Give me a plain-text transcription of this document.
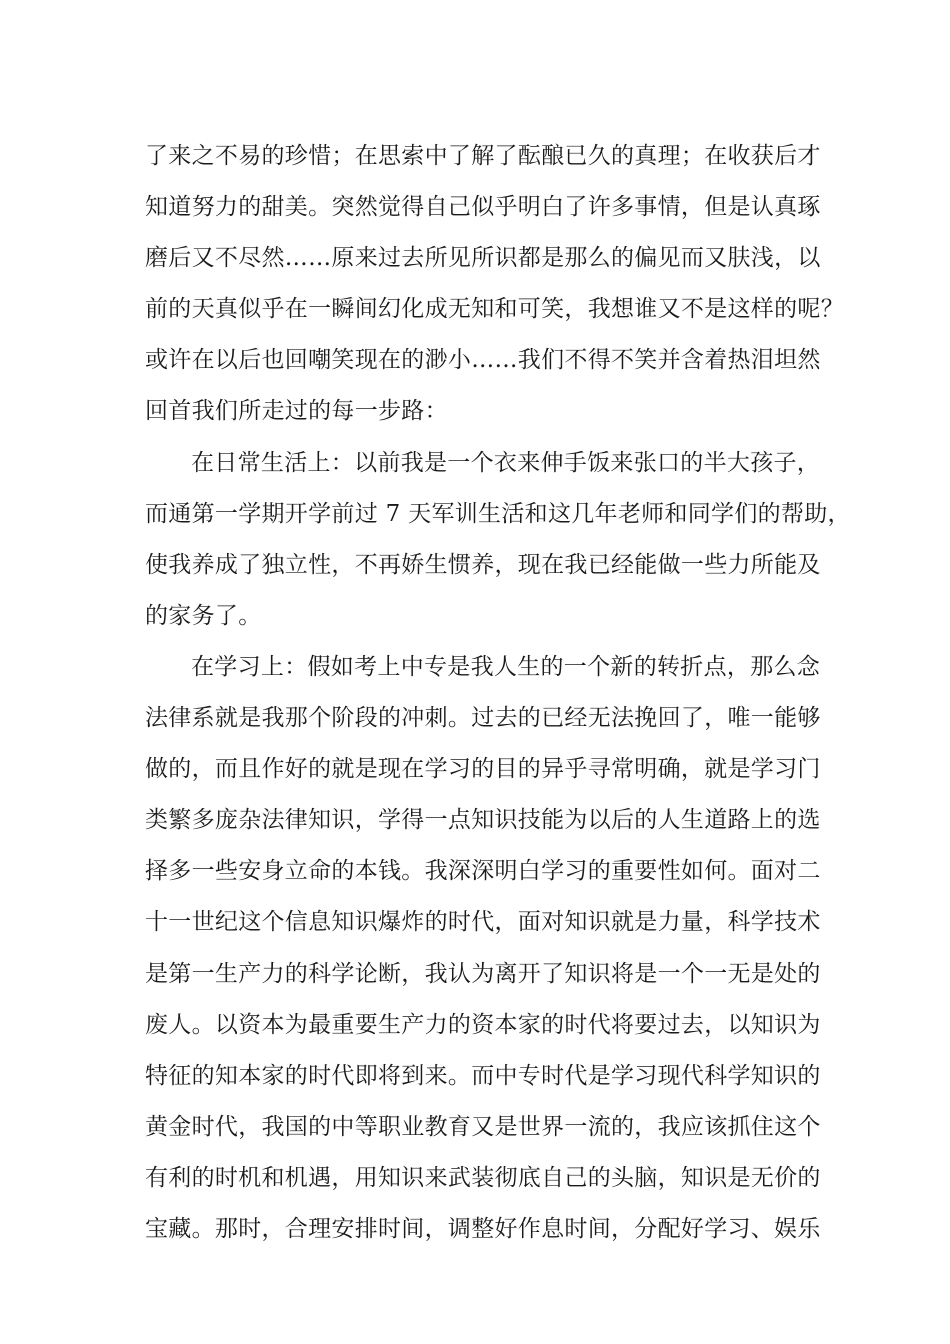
了来之不易的珍惜；在思索中了解了酝酿已久的真理；在收获后才
知道努力的甜美。突然觉得自己似乎明白了许多事情，但是认真琢
磨后又不尽然……原来过去所见所识都是那么的偏见而又肤浅，以
前的天真似乎在一瞬间幻化成无知和可笑，我想谁又不是这样的呢？
或许在以后也回嘲笑现在的渺小……我们不得不笑并含着热泪坦然
回首我们所走过的每一步路：
在日常生活上：以前我是一个衣来伸手饭来张口的半大孩子，
而通第一学期开学前过 7 天军训生活和这几年老师和同学们的帮助，
使我养成了独立性，不再娇生惯养，现在我已经能做一些力所能及
的家务了。
在学习上：假如考上中专是我人生的一个新的转折点，那么念
法律系就是我那个阶段的冲刺。过去的已经无法挽回了，唯一能够
做的，而且作好的就是现在学习的目的异乎寻常明确，就是学习门
类繁多庞杂法律知识，学得一点知识技能为以后的人生道路上的选
择多一些安身立命的本钱。我深深明白学习的重要性如何。面对二
十一世纪这个信息知识爆炸的时代，面对知识就是力量，科学技术
是第一生产力的科学论断，我认为离开了知识将是一个一无是处的
废人。以资本为最重要生产力的资本家的时代将要过去，以知识为
特征的知本家的时代即将到来。而中专时代是学习现代科学知识的
黄金时代，我国的中等职业教育又是世界一流的，我应该抓住这个
有利的时机和机遇，用知识来武装彻底自己的头脑，知识是无价的
宝藏。那时，合理安排时间，调整好作息时间，分配好学习、娱乐
